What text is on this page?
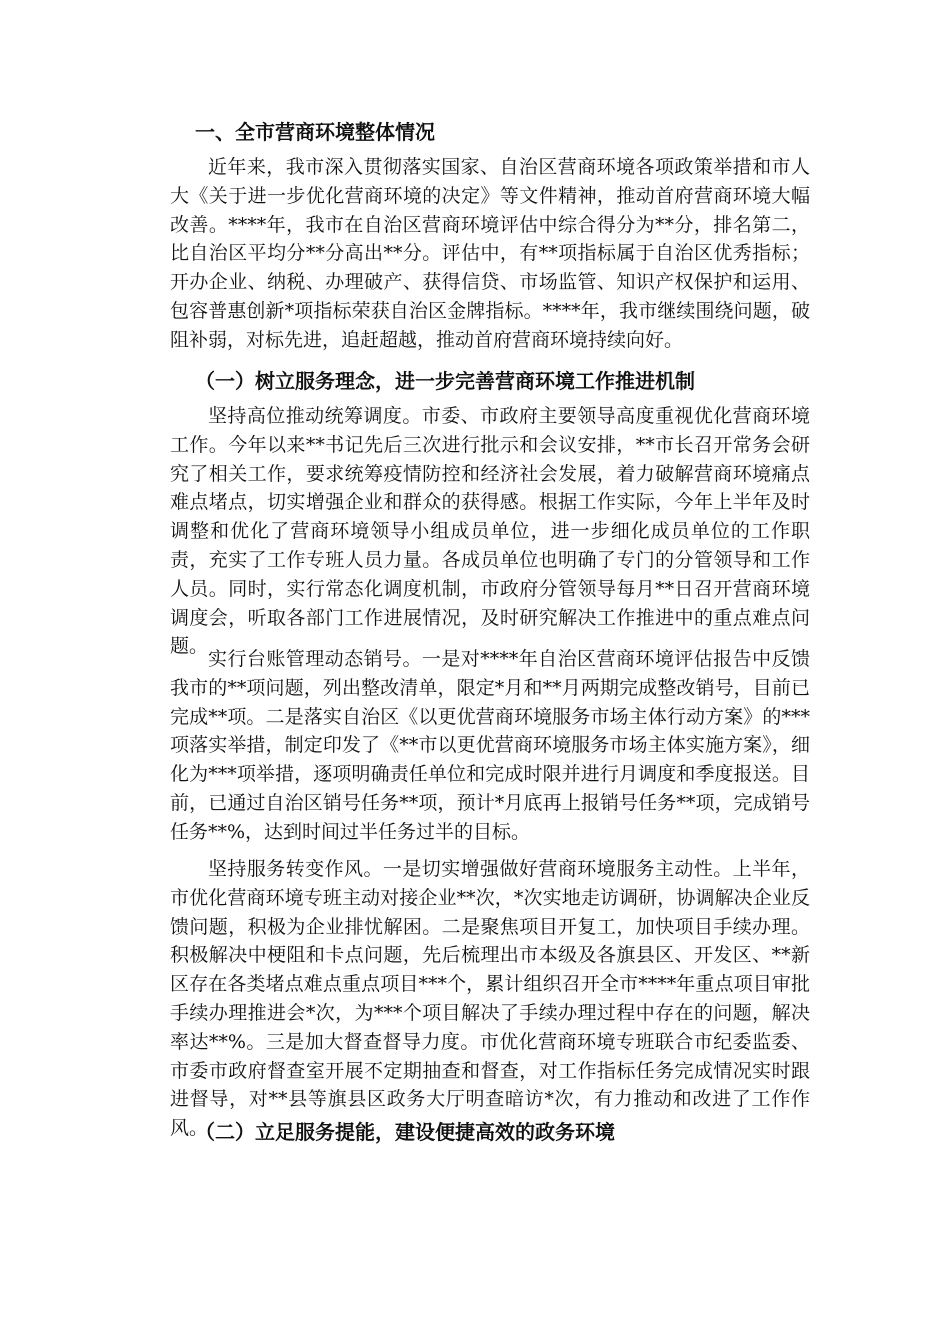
一、全市营商环境整体情况
近年来，我市深入贯彻落实国家、自治区营商环境各项政策举措和市人大《关于进一步优化营商环境的决定》等文件精神，推动首府营商环境大幅改善。****年，我市在自治区营商环境评估中综合得分为**分，排名第二，比自治区平均分**分高出**分。评估中，有**项指标属于自治区优秀指标；开办企业、纳税、办理破产、获得信贷、市场监管、知识产权保护和运用、包容普惠创新*项指标荣获自治区金牌指标。****年，我市继续围绕问题，破阻补弱，对标先进，追赶超越，推动首府营商环境持续向好。
（一）树立服务理念，进一步完善营商环境工作推进机制
坚持高位推动统筹调度。市委、市政府主要领导高度重视优化营商环境工作。今年以来**书记先后三次进行批示和会议安排，**市长召开常务会研究了相关工作，要求统筹疫情防控和经济社会发展，着力破解营商环境痛点难点堵点，切实增强企业和群众的获得感。根据工作实际，今年上半年及时调整和优化了营商环境领导小组成员单位，进一步细化成员单位的工作职责，充实了工作专班人员力量。各成员单位也明确了专门的分管领导和工作人员。同时，实行常态化调度机制，市政府分管领导每月**日召开营商环境调度会，听取各部门工作进展情况，及时研究解决工作推进中的重点难点问题。
实行台账管理动态销号。一是对****年自治区营商环境评估报告中反馈我市的**项问题，列出整改清单，限定*月和**月两期完成整改销号，目前已完成**项。二是落实自治区《以更优营商环境服务市场主体行动方案》的***项落实举措，制定印发了《**市以更优营商环境服务市场主体实施方案》，细化为***项举措，逐项明确责任单位和完成时限并进行月调度和季度报送。目前，已通过自治区销号任务**项，预计*月底再上报销号任务**项，完成销号任务**%，达到时间过半任务过半的目标。
坚持服务转变作风。一是切实增强做好营商环境服务主动性。上半年，市优化营商环境专班主动对接企业**次，*次实地走访调研，协调解决企业反馈问题，积极为企业排忧解困。二是聚焦项目开复工，加快项目手续办理。积极解决中梗阻和卡点问题，先后梳理出市本级及各旗县区、开发区、**新区存在各类堵点难点重点项目***个，累计组织召开全市****年重点项目审批手续办理推进会*次，为***个项目解决了手续办理过程中存在的问题，解决率达**%。三是加大督查督导力度。市优化营商环境专班联合市纪委监委、市委市政府督查室开展不定期抽查和督查，对工作指标任务完成情况实时跟进督导，对**县等旗县区政务大厅明查暗访*次，有力推动和改进了工作作风。
（二）立足服务提能，建设便捷高效的政务环境
